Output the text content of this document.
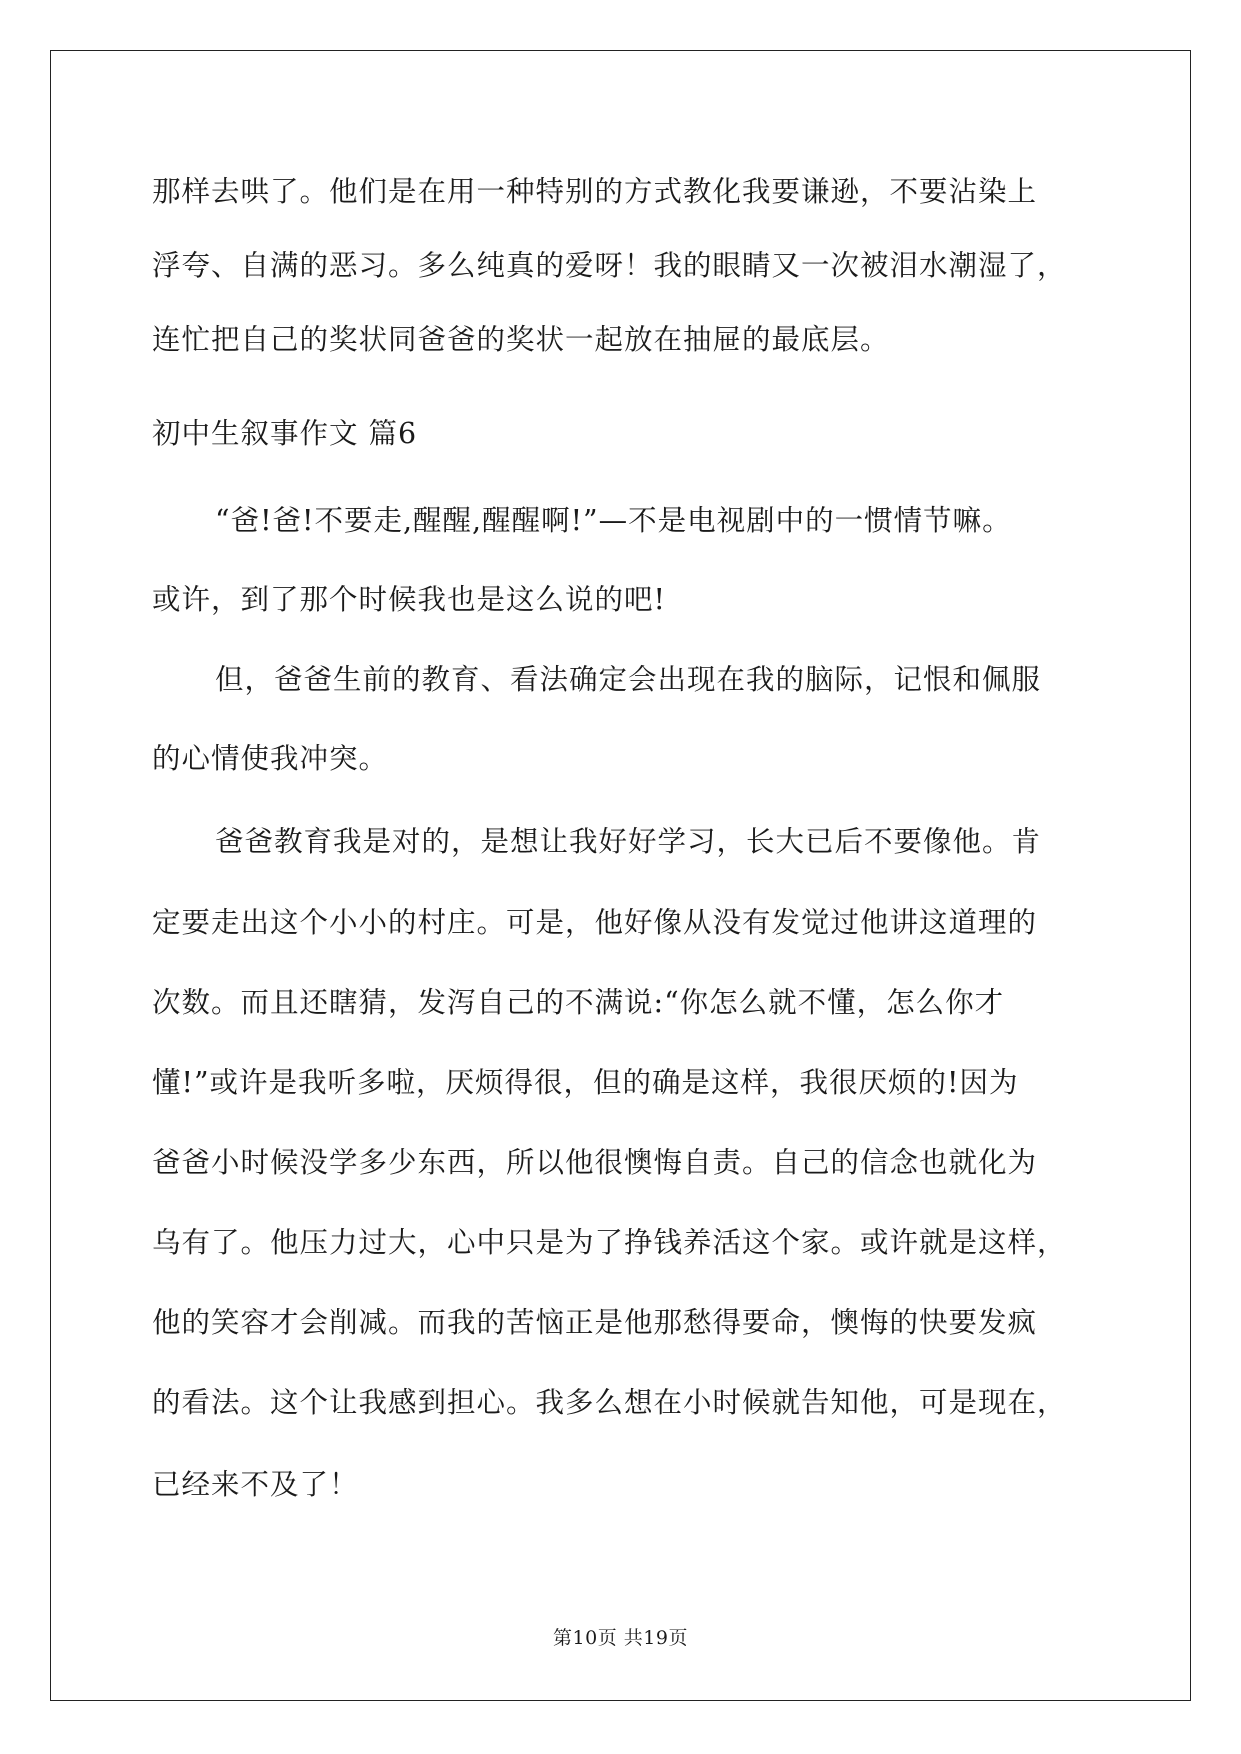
那样去哄了。他们是在用一种特别的方式教化我要谦逊，不要沾染上
浮夸、自满的恶习。多么纯真的爱呀！我的眼睛又一次被泪水潮湿了，
连忙把自己的奖状同爸爸的奖状一起放在抽屉的最底层。
初中生叙事作文 篇6
“爸!爸!不要走,醒醒,醒醒啊!”—不是电视剧中的一惯情节嘛。
或许，到了那个时候我也是这么说的吧!
但，爸爸生前的教育、看法确定会出现在我的脑际，记恨和佩服
的心情使我冲突。
爸爸教育我是对的，是想让我好好学习，长大已后不要像他。肯
定要走出这个小小的村庄。可是，他好像从没有发觉过他讲这道理的
次数。而且还瞎猜，发泻自己的不满说:“你怎么就不懂，怎么你才
懂!”或许是我听多啦，厌烦得很，但的确是这样，我很厌烦的!因为
爸爸小时候没学多少东西，所以他很懊悔自责。自己的信念也就化为
乌有了。他压力过大，心中只是为了挣钱养活这个家。或许就是这样，
他的笑容才会削减。而我的苦恼正是他那愁得要命，懊悔的快要发疯
的看法。这个让我感到担心。我多么想在小时候就告知他，可是现在，
已经来不及了！
第10页 共19页
